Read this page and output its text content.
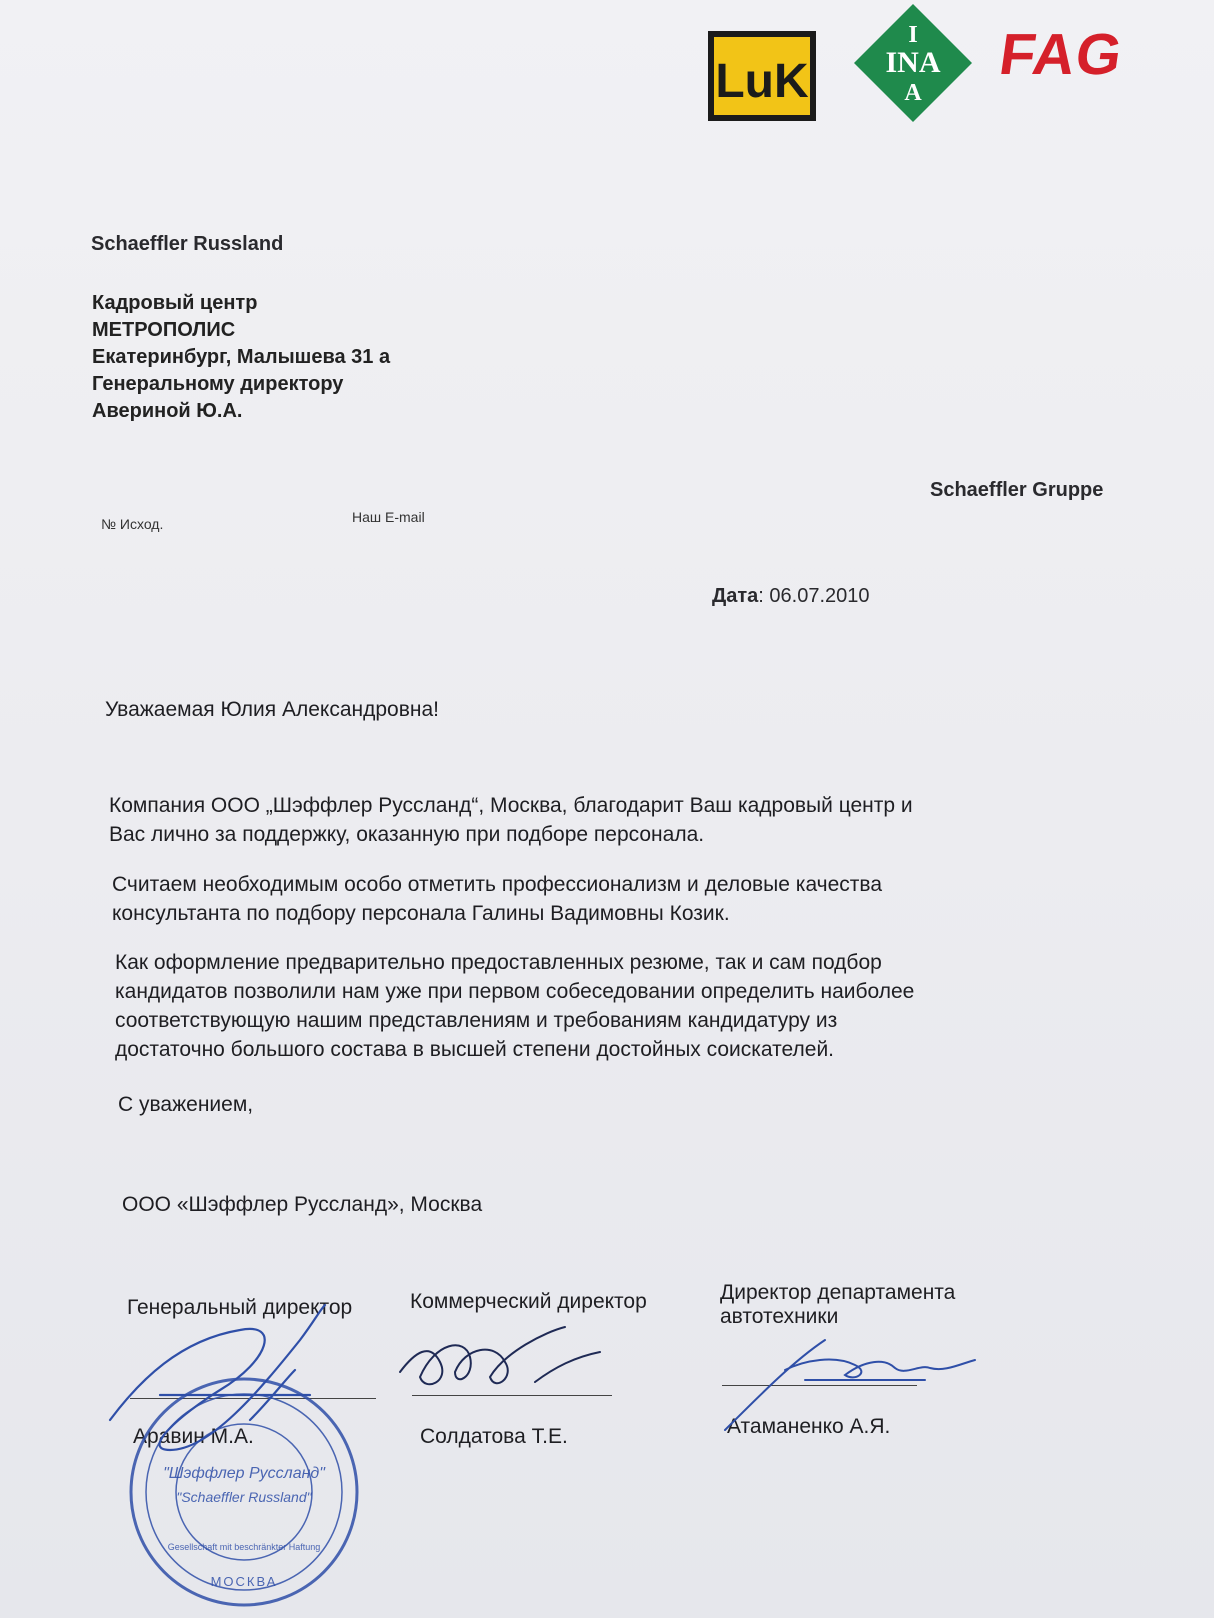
LuK
I
INA
A
FAG
Schaeffler Russland
Кадровый центр
МЕТРОПОЛИС
Екатеринбург, Малышева 31 а
Генеральному директору
Авериной Ю.А.
Schaeffler Gruppe
№ Исход.	Наш E-mail
Дата: 06.07.2010
Уважаемая Юлия Александровна!
Компания ООО „Шэффлер Руссланд“, Москва, благодарит Ваш кадровый центр и
Вас лично за поддержку, оказанную при подборе персонала.
Считаем необходимым особо отметить профессионализм и деловые качества
консультанта по подбору персонала Галины Вадимовны Козик.
Как оформление предварительно предоставленных резюме, так и сам подбор
кандидатов позволили нам уже при первом собеседовании определить наиболее
соответствующую нашим представлениям и требованиям кандидатуру из
достаточно большого состава в высшей степени достойных соискателей.
С уважением,
ООО «Шэффлер Руссланд», Москва
Генеральный директор
Аравин М.А.
Коммерческий директор
Солдатова Т.Е.
Директор департамента
автотехники
Атаманенко А.Я.
"Шэффлер Руссланд"
"Schaeffler Russland"
Gesellschaft mit beschränkter Haftung
МОСКВА
